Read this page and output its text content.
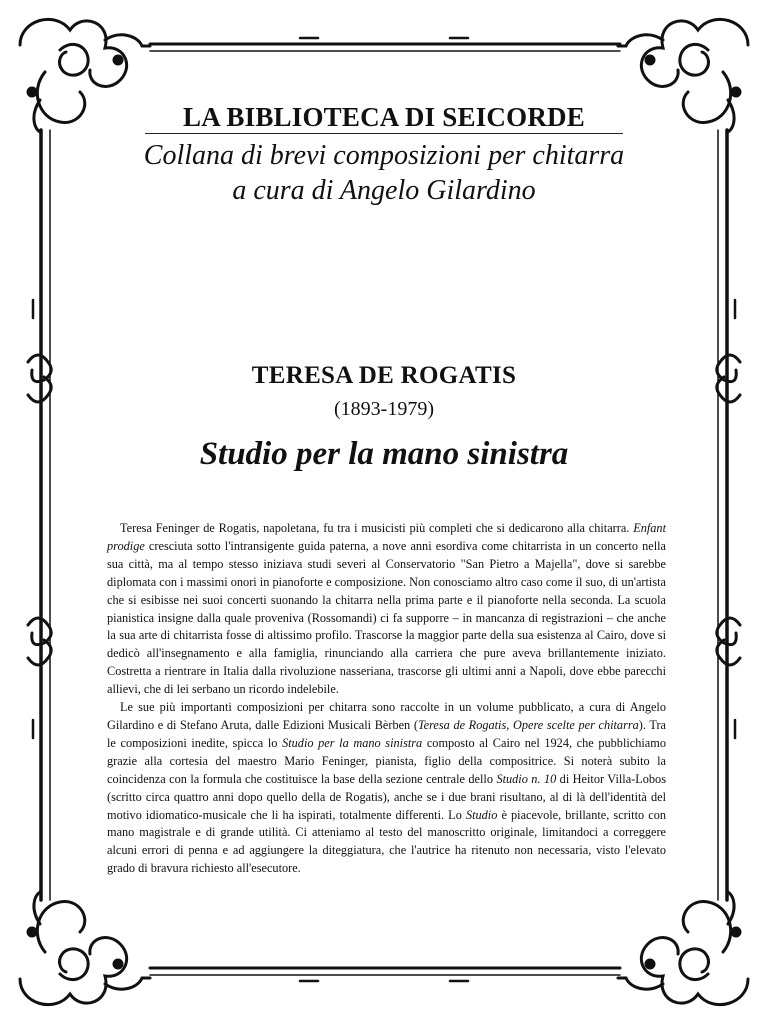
LA BIBLIOTECA DI SEICORDE
Collana di brevi composizioni per chitarra
a cura di Angelo Gilardino
TERESA DE ROGATIS
(1893-1979)
Studio per la mano sinistra

Teresa Feninger de Rogatis, napoletana, fu tra i musicisti più completi che si dedicarono alla chitarra. Enfant prodige cresciuta sotto l'intransigente guida paterna, a nove anni esordiva come chitarrista in un concerto nella sua città, ma al tempo stesso iniziava studi severi al Conservatorio "San Pietro a Majella", dove si sarebbe diplomata con i massimi onori in pianoforte e composizione. Non conosciamo altro caso come il suo, di un'artista che si esibisse nei suoi concerti suonando la chitarra nella prima parte e il pianoforte nella seconda. La scuola pianistica insigne dalla quale proveniva (Rossomandi) ci fa supporre – in mancanza di registrazioni – che anche la sua arte di chitarrista fosse di altissimo profilo. Trascorse la maggior parte della sua esistenza al Cairo, dove si dedicò all'insegnamento e alla famiglia, rinunciando alla carriera che pure aveva brillantemente iniziato. Costretta a rientrare in Italia dalla rivoluzione nasseriana, trascorse gli ultimi anni a Napoli, dove ebbe parecchi allievi, che di lei serbano un ricordo indelebile.

Le sue più importanti composizioni per chitarra sono raccolte in un volume pubblicato, a cura di Angelo Gilardino e di Stefano Aruta, dalle Edizioni Musicali Bèrben (Teresa de Rogatis, Opere scelte per chitarra). Tra le composizioni inedite, spicca lo Studio per la mano sinistra composto al Cairo nel 1924, che pubblichiamo grazie alla cortesia del maestro Mario Feninger, pianista, figlio della compositrice. Si noterà subito la coincidenza con la formula che costituisce la base della sezione centrale dello Studio n. 10 di Heitor Villa-Lobos (scritto circa quattro anni dopo quello della de Rogatis), anche se i due brani risultano, al di là dell'identità del motivo idiomatico-musicale che li ha ispirati, totalmente differenti. Lo Studio è piacevole, brillante, scritto con mano magistrale e di grande utilità. Ci atteniamo al testo del manoscritto originale, limitandoci a correggere alcuni errori di penna e ad aggiungere la diteggiatura, che l'autrice ha ritenuto non necessaria, visto l'elevato grado di bravura richiesto all'esecutore.
